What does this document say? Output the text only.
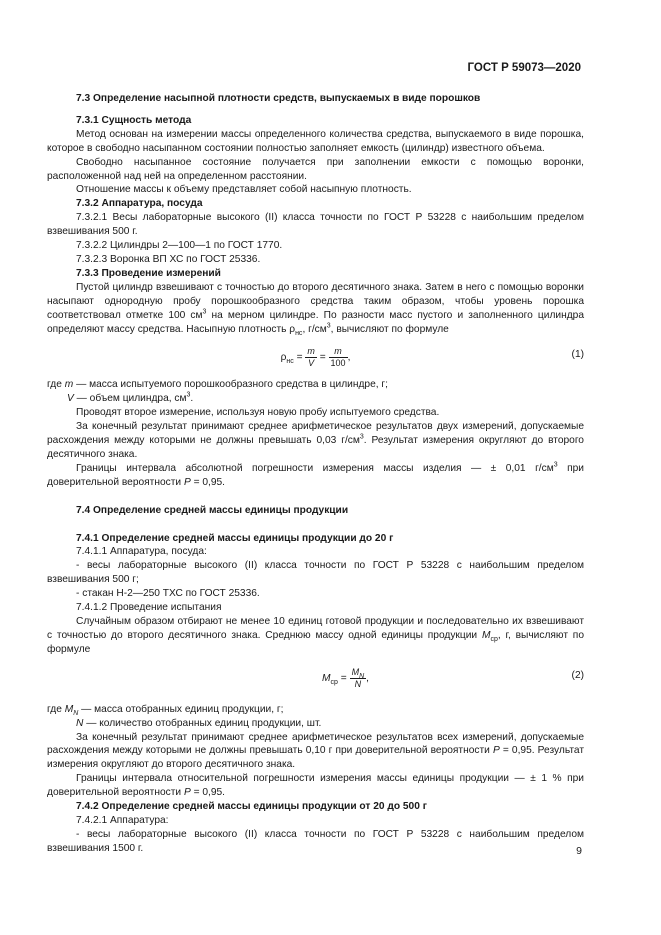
ГОСТ Р 59073—2020

7.3 Определение насыпной плотности средств, выпускаемых в виде порошков

7.3.1 Сущность метода

Метод основан на измерении массы определенного количества средства, выпускаемого в виде порошка, которое в свободно насыпанном состоянии полностью заполняет емкость (цилиндр) известного объема.

Свободно насыпанное состояние получается при заполнении емкости с помощью воронки, расположенной над ней на определенном расстоянии.

Отношение массы к объему представляет собой насыпную плотность.

7.3.2 Аппаратура, посуда

7.3.2.1 Весы лабораторные высокого (II) класса точности по ГОСТ Р 53228 с наибольшим пределом взвешивания 500 г.

7.3.2.2 Цилиндры 2—100—1 по ГОСТ 1770.

7.3.2.3 Воронка ВП ХС по ГОСТ 25336.

7.3.3 Проведение измерений

Пустой цилиндр взвешивают с точностью до второго десятичного знака. Затем в него с помощью воронки насыпают однородную пробу порошкообразного средства таким образом, чтобы уровень порошка соответствовал отметке 100 $см^3$ на мерном цилиндре. По разности масс пустого и заполненного цилиндра определяют массу средства. Насыпную плотность $\rho_{нс}$, $г/см^3$, вычисляют по формуле

$\rho_{нс} = \frac{m}{V} = \frac{m}{100}$ ,	(1)

где m — масса испытуемого порошкообразного средства в цилиндре, г;

V — объем цилиндра, $см^3$.

Проводят второе измерение, используя новую пробу испытуемого средства.

За конечный результат принимают среднее арифметическое результатов двух измерений, допускаемые расхождения между которыми не должны превышать 0,03 $г/см^3$. Результат измерения округляют до второго десятичного знака.

Границы интервала абсолютной погрешности измерения массы изделия — ± 0,01 $г/см^3$ при доверительной вероятности P = 0,95.

7.4 Определение средней массы единицы продукции

7.4.1 Определение средней массы единицы продукции до 20 г

7.4.1.1 Аппаратура, посуда:

- весы лабораторные высокого (II) класса точности по ГОСТ Р 53228 с наибольшим пределом взвешивания 500 г;

- стакан Н-2—250 ТХС по ГОСТ 25336.

7.4.1.2 Проведение испытания

Случайным образом отбирают не менее 10 единиц готовой продукции и последовательно их взвешивают с точностью до второго десятичного знака. Среднюю массу одной единицы продукции $M_{ср}$, г, вычисляют по формуле

$M_{ср} = \frac{M_N}{N}$ ,	(2)

где $M_N$ — масса отобранных единиц продукции, г;

N — количество отобранных единиц продукции, шт.

За конечный результат принимают среднее арифметическое результатов всех измерений, допускаемые расхождения между которыми не должны превышать 0,10 г при доверительной вероятности P = 0,95. Результат измерения округляют до второго десятичного знака.

Границы интервала относительной погрешности измерения массы единицы продукции — ± 1 % при доверительной вероятности P = 0,95.

7.4.2 Определение средней массы единицы продукции от 20 до 500 г

7.4.2.1 Аппаратура:

- весы лабораторные высокого (II) класса точности по ГОСТ Р 53228 с наибольшим пределом взвешивания 1500 г.	9
